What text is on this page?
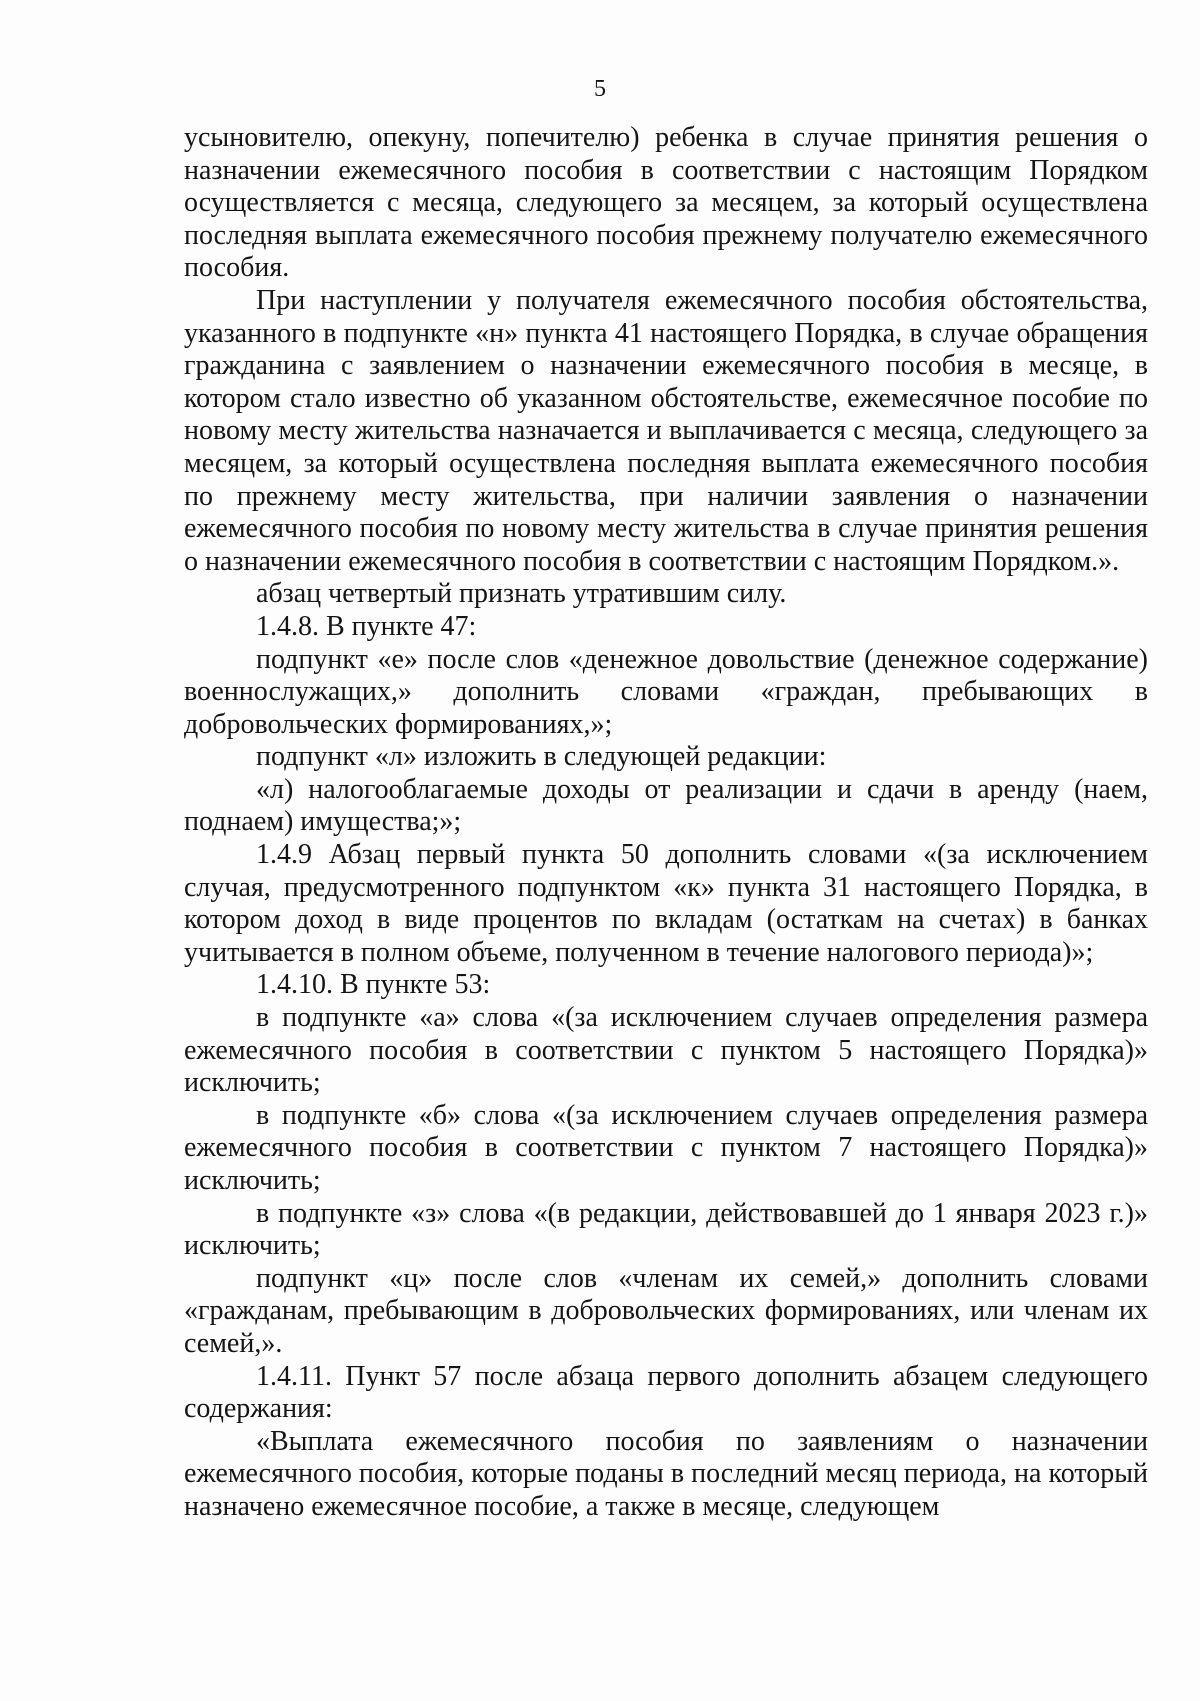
5

усыновителю, опекуну, попечителю) ребенка в случае принятия решения о назначении ежемесячного пособия в соответствии с настоящим Порядком осуществляется с месяца, следующего за месяцем, за который осуществлена последняя выплата ежемесячного пособия прежнему получателю ежемесячного пособия.

При наступлении у получателя ежемесячного пособия обстоятельства, указанного в подпункте «н» пункта 41 настоящего Порядка, в случае обращения гражданина с заявлением о назначении ежемесячного пособия в месяце, в котором стало известно об указанном обстоятельстве, ежемесячное пособие по новому месту жительства назначается и выплачивается с месяца, следующего за месяцем, за который осуществлена последняя выплата ежемесячного пособия по прежнему месту жительства, при наличии заявления о назначении ежемесячного пособия по новому месту жительства в случае принятия решения о назначении ежемесячного пособия в соответствии с настоящим Порядком.».

абзац четвертый признать утратившим силу.

1.4.8. В пункте 47:

подпункт «е» после слов «денежное довольствие (денежное содержание) военнослужащих,» дополнить словами «граждан, пребывающих в добровольческих формированиях,»;

подпункт «л» изложить в следующей редакции:

«л) налогооблагаемые доходы от реализации и сдачи в аренду (наем, поднаем) имущества;»;

1.4.9 Абзац первый пункта 50 дополнить словами «(за исключением случая, предусмотренного подпунктом «к» пункта 31 настоящего Порядка, в котором доход в виде процентов по вкладам (остаткам на счетах) в банках учитывается в полном объеме, полученном в течение налогового периода)»;

1.4.10. В пункте 53:

в подпункте «а» слова «(за исключением случаев определения размера ежемесячного пособия в соответствии с пунктом 5 настоящего Порядка)» исключить;

в подпункте «б» слова «(за исключением случаев определения размера ежемесячного пособия в соответствии с пунктом 7 настоящего Порядка)» исключить;

в подпункте «з» слова «(в редакции, действовавшей до 1 января 2023 г.)» исключить;

подпункт «ц» после слов «членам их семей,» дополнить словами «гражданам, пребывающим в добровольческих формированиях, или членам их семей,».

1.4.11. Пункт 57 после абзаца первого дополнить абзацем следующего содержания:

«Выплата ежемесячного пособия по заявлениям о назначении ежемесячного пособия, которые поданы в последний месяц периода, на который назначено ежемесячное пособие, а также в месяце, следующем
